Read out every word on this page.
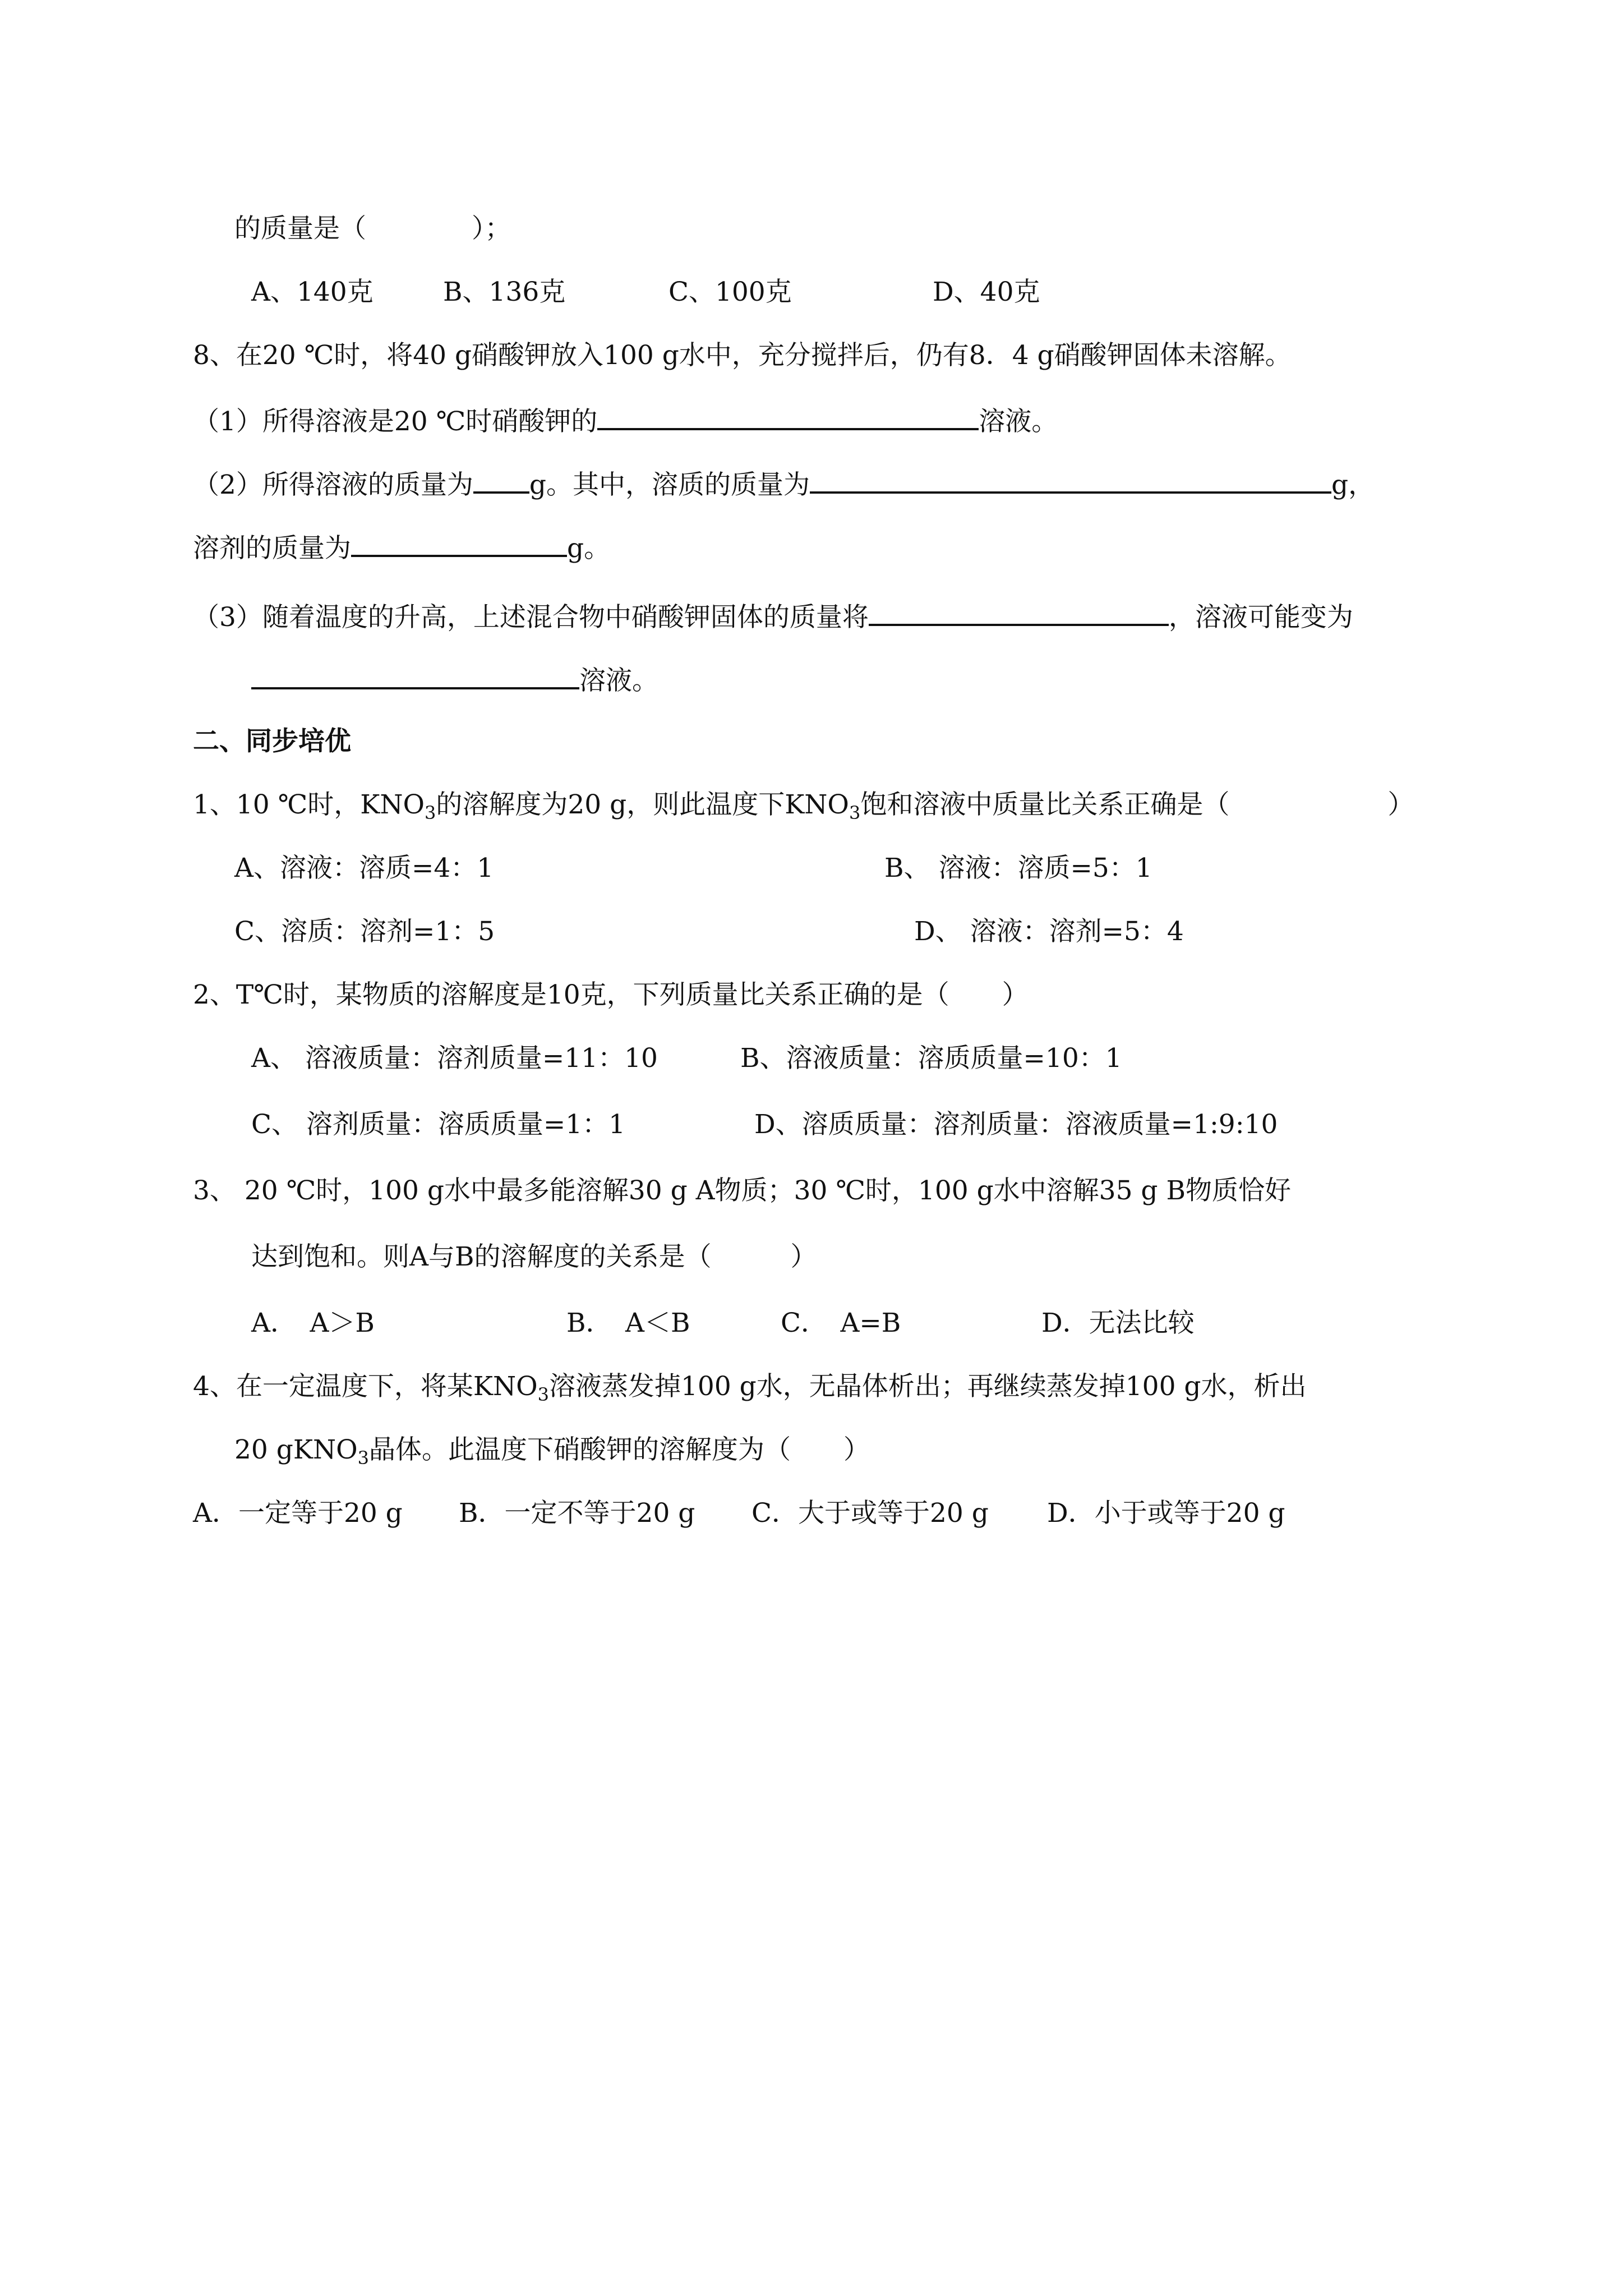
的质量是（　　　　）；
A、140克	B、136克	C、100克	D、40克
8、在20 ℃时，将40 g硝酸钾放入100 g水中，充分搅拌后，仍有8．4 g硝酸钾固体未溶解。
（1）所得溶液是20 ℃时硝酸钾的	溶液。
（2）所得溶液的质量为 g。其中，溶质的质量为	g，
溶剂的质量为	g。
（3）随着温度的升高，上述混合物中硝酸钾固体的质量将	，溶液可能变为
溶液。
二、同步培优
1、10 ℃时，$KNO_3$的溶解度为20 g，则此温度下$KNO_3$饱和溶液中质量比关系正确是（　　　　　　）
A、溶液：溶质=4：1	B、 溶液：溶质=5：1
C、溶质：溶剂=1：5	D、 溶液：溶剂=5：4
2、T℃时，某物质的溶解度是10克，下列质量比关系正确的是（　　）
A、 溶液质量：溶剂质量=11：10	B、溶液质量：溶质质量=10：1
C、 溶剂质量：溶质质量=1：1	D、溶质质量：溶剂质量：溶液质量=1:9:10
3、 20 ℃时，100 g水中最多能溶解30 g A物质；30 ℃时，100 g水中溶解35 g B物质恰好
达到饱和。则A与B的溶解度的关系是（　　　）
A．　A＞B	B．　A＜B	C．　A=B	D．无法比较
4、在一定温度下，将某$KNO_3$溶液蒸发掉100 g水，无晶体析出；再继续蒸发掉100 g水，析出
20 gKNO$_3$晶体。此温度下硝酸钾的溶解度为（　　）
A．一定等于20 g B．一定不等于20 g C．大于或等于20 g D．小于或等于20 g
